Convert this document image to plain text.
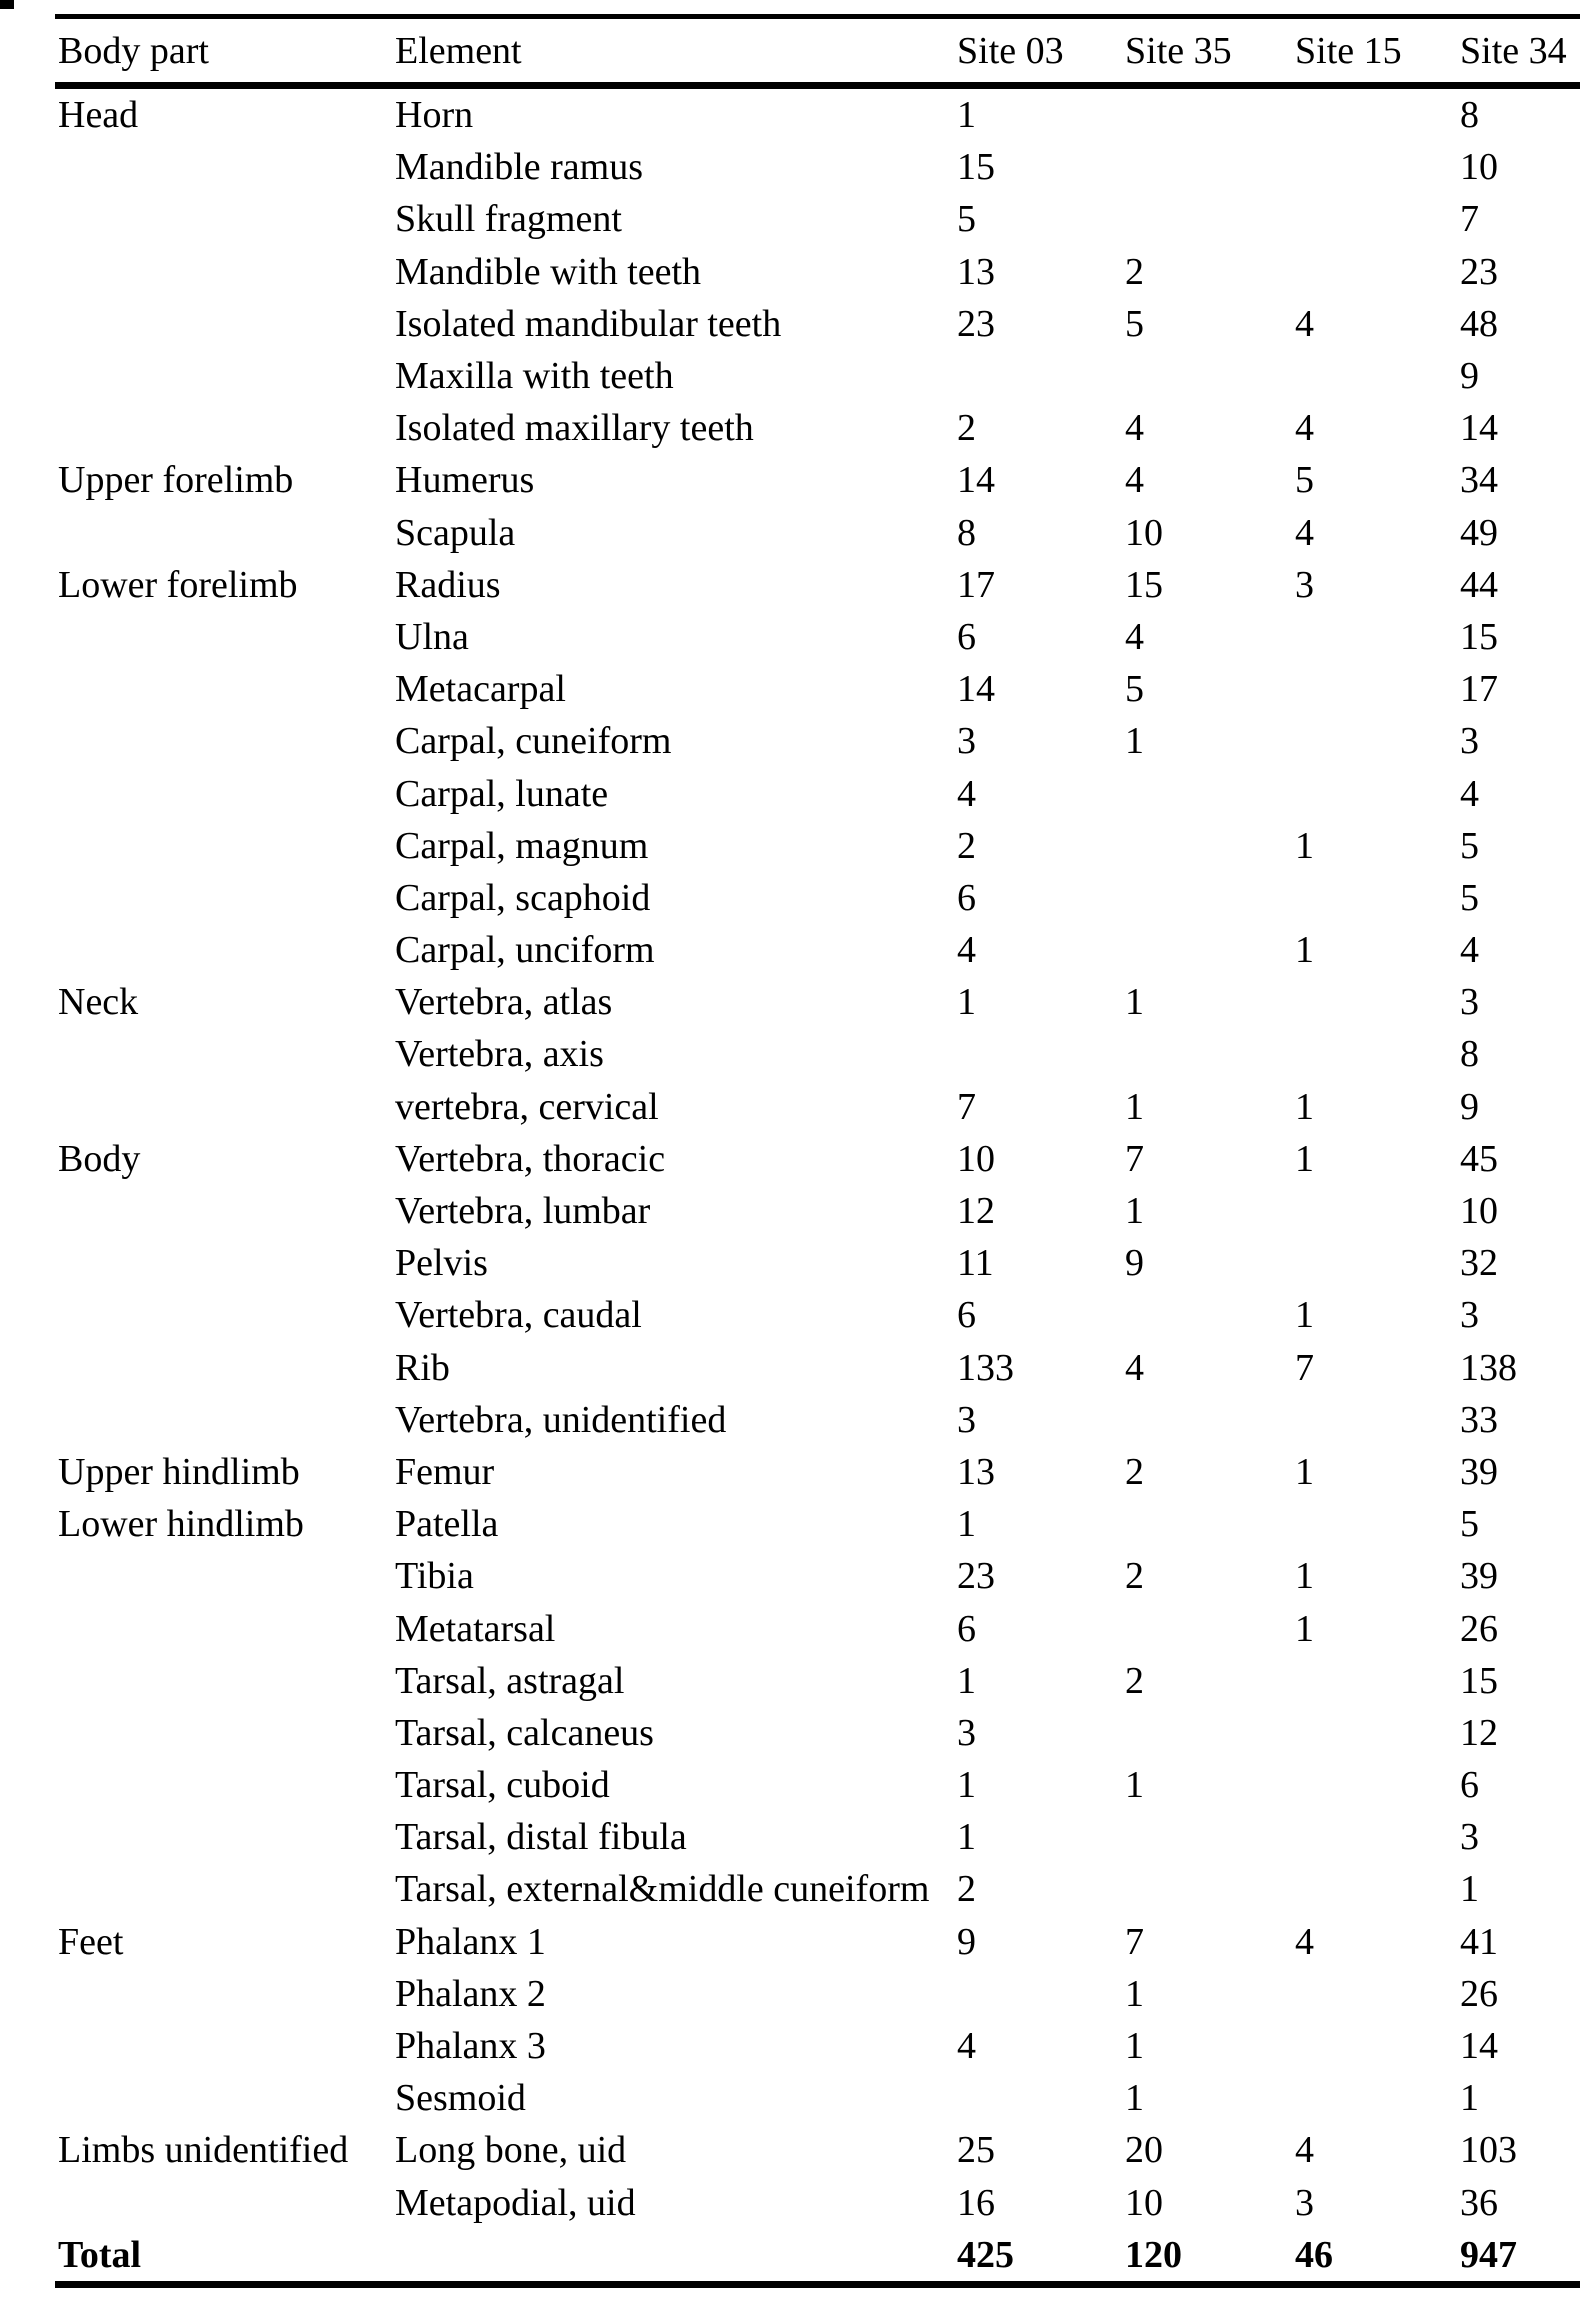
Body part	Element	Site 03	Site 35	Site 15	Site 34
Head	Horn	1			8
	Mandible ramus	15			10
	Skull fragment	5			7
	Mandible with teeth	13	2		23
	Isolated mandibular teeth	23	5	4	48
	Maxilla with teeth				9
	Isolated maxillary teeth	2	4	4	14
Upper forelimb	Humerus	14	4	5	34
	Scapula	8	10	4	49
Lower forelimb	Radius	17	15	3	44
	Ulna	6	4		15
	Metacarpal	14	5		17
	Carpal, cuneiform	3	1		3
	Carpal, lunate	4			4
	Carpal, magnum	2		1	5
	Carpal, scaphoid	6			5
	Carpal, unciform	4		1	4
Neck	Vertebra, atlas	1	1		3
	Vertebra, axis				8
	vertebra, cervical	7	1	1	9
Body	Vertebra, thoracic	10	7	1	45
	Vertebra, lumbar	12	1		10
	Pelvis	11	9		32
	Vertebra, caudal	6		1	3
	Rib	133	4	7	138
	Vertebra, unidentified	3			33
Upper hindlimb	Femur	13	2	1	39
Lower hindlimb	Patella	1			5
	Tibia	23	2	1	39
	Metatarsal	6		1	26
	Tarsal, astragal	1	2		15
	Tarsal, calcaneus	3			12
	Tarsal, cuboid	1	1		6
	Tarsal, distal fibula	1			3
	Tarsal, external&middle cuneiform	2			1
Feet	Phalanx 1	9	7	4	41
	Phalanx 2		1		26
	Phalanx 3	4	1		14
	Sesmoid		1		1
Limbs unidentified	Long bone, uid	25	20	4	103
	Metapodial, uid	16	10	3	36
Total		425	120	46	947
